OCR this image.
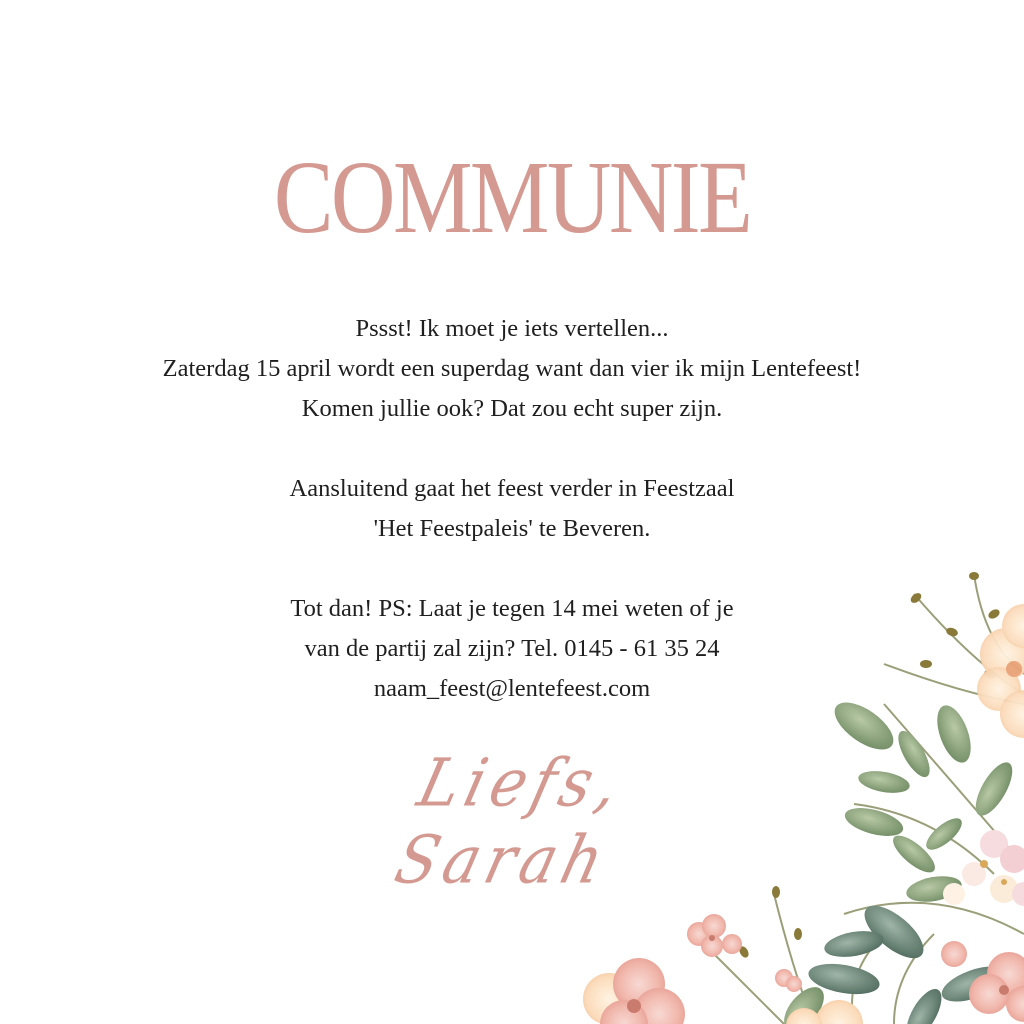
COMMUNIE
Pssst! Ik moet je iets vertellen...
Zaterdag 15 april wordt een superdag want dan vier ik mijn Lentefeest!
Komen jullie ook? Dat zou echt super zijn.
Aansluitend gaat het feest verder in Feestzaal
'Het Feestpaleis' te Beveren.
Tot dan! PS: Laat je tegen 14 mei weten of je
van de partij zal zijn? Tel. 0145 - 61 35 24
naam_feest@lentefeest.com
Liefs, Sarah
